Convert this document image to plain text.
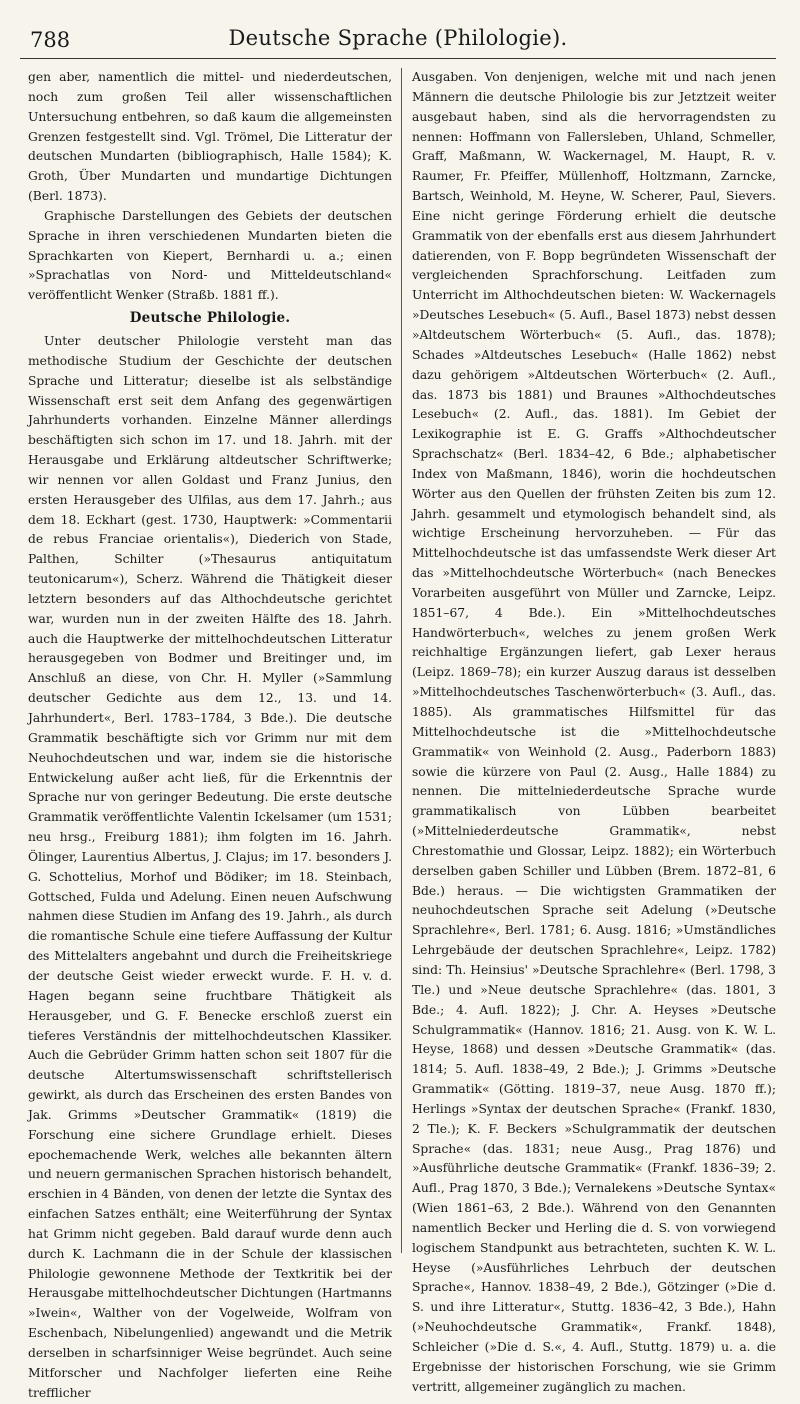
788	Deutsche Sprache (Philologie).

gen aber, namentlich die mittel- und niederdeutschen, noch zum großen Teil aller wissenschaftlichen Untersuchung entbehren, so daß kaum die allgemeinsten Grenzen festgestellt sind. Vgl. Trömel, Die Litteratur der deutschen Mundarten (bibliographisch, Halle 1584); K. Groth, Über Mundarten und mundartige Dichtungen (Berl. 1873).

Graphische Darstellungen des Gebiets der deutschen Sprache in ihren verschiedenen Mundarten bieten die Sprachkarten von Kiepert, Bernhardi u. a.; einen »Sprachatlas von Nord- und Mitteldeutschland« veröffentlicht Wenker (Straßb. 1881 ff.).

Deutsche Philologie.

Unter deutscher Philologie versteht man das methodische Studium der Geschichte der deutschen Sprache und Litteratur; dieselbe ist als selbständige Wissenschaft erst seit dem Anfang des gegenwärtigen Jahrhunderts vorhanden. Einzelne Männer allerdings beschäftigten sich schon im 17. und 18. Jahrh. mit der Herausgabe und Erklärung altdeutscher Schriftwerke; wir nennen vor allen Goldast und Franz Junius, den ersten Herausgeber des Ulfilas, aus dem 17. Jahrh.; aus dem 18. Eckhart (gest. 1730, Hauptwerk: »Commentarii de rebus Franciae orientalis«), Diederich von Stade, Palthen, Schilter (»Thesaurus antiquitatum teutonicarum«), Scherz. Während die Thätigkeit dieser letztern besonders auf das Althochdeutsche gerichtet war, wurden nun in der zweiten Hälfte des 18. Jahrh. auch die Hauptwerke der mittelhochdeutschen Litteratur herausgegeben von Bodmer und Breitinger und, im Anschluß an diese, von Chr. H. Myller (»Sammlung deutscher Gedichte aus dem 12., 13. und 14. Jahrhundert«, Berl. 1783–1784, 3 Bde.). Die deutsche Grammatik beschäftigte sich vor Grimm nur mit dem Neuhochdeutschen und war, indem sie die historische Entwickelung außer acht ließ, für die Erkenntnis der Sprache nur von geringer Bedeutung. Die erste deutsche Grammatik veröffentlichte Valentin Ickelsamer (um 1531; neu hrsg., Freiburg 1881); ihm folgten im 16. Jahrh. Ölinger, Laurentius Albertus, J. Clajus; im 17. besonders J. G. Schottelius, Morhof und Bödiker; im 18. Steinbach, Gottsched, Fulda und Adelung. Einen neuen Aufschwung nahmen diese Studien im Anfang des 19. Jahrh., als durch die romantische Schule eine tiefere Auffassung der Kultur des Mittelalters angebahnt und durch die Freiheitskriege der deutsche Geist wieder erweckt wurde. F. H. v. d. Hagen begann seine fruchtbare Thätigkeit als Herausgeber, und G. F. Benecke erschloß zuerst ein tieferes Verständnis der mittelhochdeutschen Klassiker. Auch die Gebrüder Grimm hatten schon seit 1807 für die deutsche Altertumswissenschaft schriftstellerisch gewirkt, als durch das Erscheinen des ersten Bandes von Jak. Grimms »Deutscher Grammatik« (1819) die Forschung eine sichere Grundlage erhielt. Dieses epochemachende Werk, welches alle bekannten ältern und neuern germanischen Sprachen historisch behandelt, erschien in 4 Bänden, von denen der letzte die Syntax des einfachen Satzes enthält; eine Weiterführung der Syntax hat Grimm nicht gegeben. Bald darauf wurde denn auch durch K. Lachmann die in der Schule der klassischen Philologie gewonnene Methode der Textkritik bei der Herausgabe mittelhochdeutscher Dichtungen (Hartmanns »Iwein«, Walther von der Vogelweide, Wolfram von Eschenbach, Nibelungenlied) angewandt und die Metrik derselben in scharfsinniger Weise begründet. Auch seine Mitforscher und Nachfolger lieferten eine Reihe trefflicher

Ausgaben. Von denjenigen, welche mit und nach jenen Männern die deutsche Philologie bis zur Jetztzeit weiter ausgebaut haben, sind als die hervorragendsten zu nennen: Hoffmann von Fallersleben, Uhland, Schmeller, Graff, Maßmann, W. Wackernagel, M. Haupt, R. v. Raumer, Fr. Pfeiffer, Müllenhoff, Holtzmann, Zarncke, Bartsch, Weinhold, M. Heyne, W. Scherer, Paul, Sievers. Eine nicht geringe Förderung erhielt die deutsche Grammatik von der ebenfalls erst aus diesem Jahrhundert datierenden, von F. Bopp begründeten Wissenschaft der vergleichenden Sprachforschung. Leitfaden zum Unterricht im Althochdeutschen bieten: W. Wackernagels »Deutsches Lesebuch« (5. Aufl., Basel 1873) nebst dessen »Altdeutschem Wörterbuch« (5. Aufl., das. 1878); Schades »Altdeutsches Lesebuch« (Halle 1862) nebst dazu gehörigem »Altdeutschen Wörterbuch« (2. Aufl., das. 1873 bis 1881) und Braunes »Althochdeutsches Lesebuch« (2. Aufl., das. 1881). Im Gebiet der Lexikographie ist E. G. Graffs »Althochdeutscher Sprachschatz« (Berl. 1834–42, 6 Bde.; alphabetischer Index von Maßmann, 1846), worin die hochdeutschen Wörter aus den Quellen der frühsten Zeiten bis zum 12. Jahrh. gesammelt und etymologisch behandelt sind, als wichtige Erscheinung hervorzuheben. — Für das Mittelhochdeutsche ist das umfassendste Werk dieser Art das »Mittelhochdeutsche Wörterbuch« (nach Beneckes Vorarbeiten ausgeführt von Müller und Zarncke, Leipz. 1851–67, 4 Bde.). Ein »Mittelhochdeutsches Handwörterbuch«, welches zu jenem großen Werk reichhaltige Ergänzungen liefert, gab Lexer heraus (Leipz. 1869–78); ein kurzer Auszug daraus ist desselben »Mittelhochdeutsches Taschenwörterbuch« (3. Aufl., das. 1885). Als grammatisches Hilfsmittel für das Mittelhochdeutsche ist die »Mittelhochdeutsche Grammatik« von Weinhold (2. Ausg., Paderborn 1883) sowie die kürzere von Paul (2. Ausg., Halle 1884) zu nennen. Die mittelniederdeutsche Sprache wurde grammatikalisch von Lübben bearbeitet (»Mittelniederdeutsche Grammatik«, nebst Chrestomathie und Glossar, Leipz. 1882); ein Wörterbuch derselben gaben Schiller und Lübben (Brem. 1872–81, 6 Bde.) heraus. — Die wichtigsten Grammatiken der neuhochdeutschen Sprache seit Adelung (»Deutsche Sprachlehre«, Berl. 1781; 6. Ausg. 1816; »Umständliches Lehrgebäude der deutschen Sprachlehre«, Leipz. 1782) sind: Th. Heinsius' »Deutsche Sprachlehre« (Berl. 1798, 3 Tle.) und »Neue deutsche Sprachlehre« (das. 1801, 3 Bde.; 4. Aufl. 1822); J. Chr. A. Heyses »Deutsche Schulgrammatik« (Hannov. 1816; 21. Ausg. von K. W. L. Heyse, 1868) und dessen »Deutsche Grammatik« (das. 1814; 5. Aufl. 1838–49, 2 Bde.); J. Grimms »Deutsche Grammatik« (Götting. 1819–37, neue Ausg. 1870 ff.); Herlings »Syntax der deutschen Sprache« (Frankf. 1830, 2 Tle.); K. F. Beckers »Schulgrammatik der deutschen Sprache« (das. 1831; neue Ausg., Prag 1876) und »Ausführliche deutsche Grammatik« (Frankf. 1836–39; 2. Aufl., Prag 1870, 3 Bde.); Vernalekens »Deutsche Syntax« (Wien 1861–63, 2 Bde.). Während von den Genannten namentlich Becker und Herling die d. S. von vorwiegend logischem Standpunkt aus betrachteten, suchten K. W. L. Heyse (»Ausführliches Lehrbuch der deutschen Sprache«, Hannov. 1838–49, 2 Bde.), Götzinger (»Die d. S. und ihre Litteratur«, Stuttg. 1836–42, 3 Bde.), Hahn (»Neuhochdeutsche Grammatik«, Frankf. 1848), Schleicher (»Die d. S.«, 4. Aufl., Stuttg. 1879) u. a. die Ergebnisse der historischen Forschung, wie sie Grimm vertritt, allgemeiner zugänglich zu machen.
